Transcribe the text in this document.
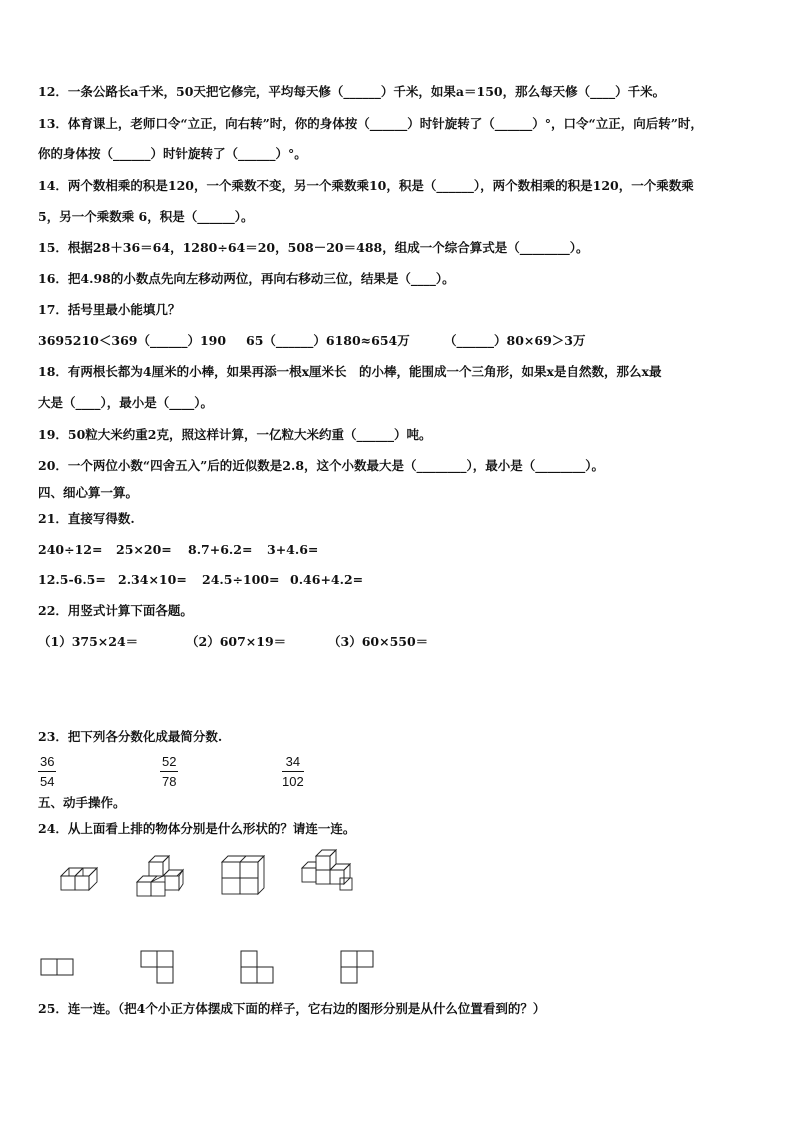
12．一条公路长a千米，50天把它修完，平均每天修（______）千米，如果a＝150，那么每天修（____）千米。
13．体育课上，老师口令“立正，向右转”时，你的身体按（______）时针旋转了（______）°，口令“立正，向后转”时，
你的身体按（______）时针旋转了（______）°。
14．两个数相乘的积是120，一个乘数不变，另一个乘数乘10，积是（______），两个数相乘的积是120，一个乘数乘
5，另一个乘数乘 6，积是（______）。
15．根据28＋36＝64，1280÷64＝20，508－20＝488，组成一个综合算式是（________）。
16．把4.98的小数点先向左移动两位，再向右移动三位，结果是（____）。
17．括号里最小能填几？
3695210＜369（______）190 65（______）6180≈654万	（______）80×69＞3万
18．有两根长都为4厘米的小棒，如果再添一根x厘米长　的小棒，能围成一个三角形，如果x是自然数，那么x最
大是（____），最小是（____）。
19．50粒大米约重2克，照这样计算，一亿粒大米约重（______）吨。
20．一个两位小数“四舍五入”后的近似数是2.8，这个小数最大是（________），最小是（________）。
四、细心算一算。
21．直接写得数.
240÷12= 25×20= 8.7+6.2= 3+4.6=
12.5-6.5= 2.34×10= 24.5÷100= 0.46+4.2=
22．用竖式计算下面各题。
（1）375×24＝	（2）607×19＝	（3）60×550＝
23．把下列各分数化成最简分数.
$\frac{36}{54}$	$\frac{52}{78}$	$\frac{34}{102}$
五、动手操作。
24．从上面看上排的物体分别是什么形状的？请连一连。
25．连一连。（把4个小正方体摆成下面的样子，它右边的图形分别是从什么位置看到的？）
